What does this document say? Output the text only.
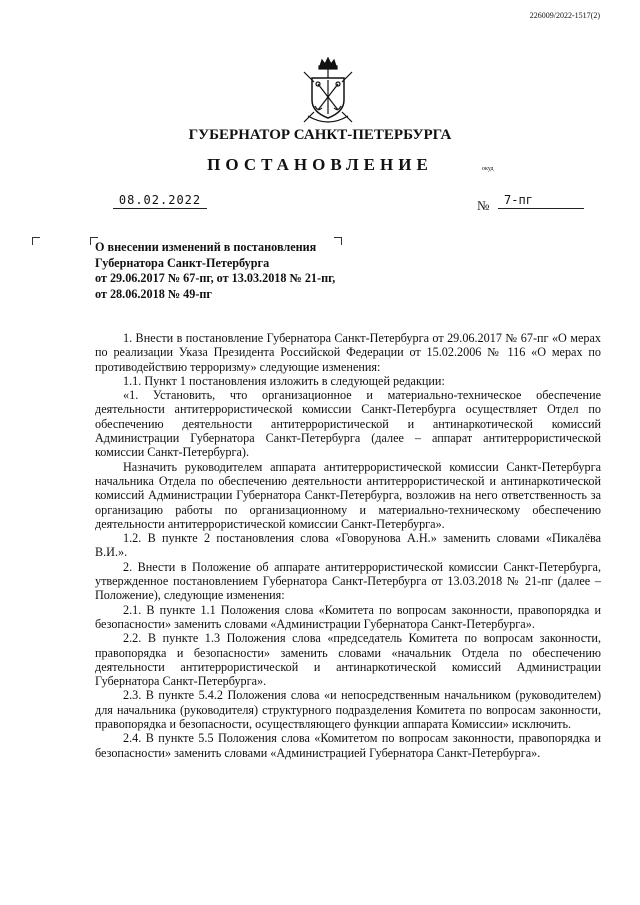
226009/2022-1517(2)
ГУБЕРНАТОР САНКТ-ПЕТЕРБУРГА
ПОСТАНОВЛЕНИЕ	окуд
08.02.2022	№	7-пг
О внесении изменений в постановления
Губернатора Санкт-Петербурга
от 29.06.2017 № 67-пг, от 13.03.2018 № 21-пг,
от 28.06.2018 № 49-пг

1. Внести в постановление Губернатора Санкт-Петербурга от 29.06.2017 № 67-пг «О мерах по реализации Указа Президента Российской Федерации от 15.02.2006 № 116 «О мерах по противодействию терроризму» следующие изменения:

1.1. Пункт 1 постановления изложить в следующей редакции:

«1. Установить, что организационное и материально-техническое обеспечение деятельности антитеррористической комиссии Санкт-Петербурга осуществляет Отдел по обеспечению деятельности антитеррористической и антинаркотической комиссий Администрации Губернатора Санкт-Петербурга (далее – аппарат антитеррористической комиссии Санкт-Петербурга).

Назначить руководителем аппарата антитеррористической комиссии Санкт-Петербурга начальника Отдела по обеспечению деятельности антитеррористической и антинаркотической комиссий Администрации Губернатора Санкт-Петербурга, возложив на него ответственность за организацию работы по организационному и материально-техническому обеспечению деятельности антитеррористической комиссии Санкт-Петербурга».

1.2. В пункте 2 постановления слова «Говорунова А.Н.» заменить словами «Пикалёва В.И.».

2. Внести в Положение об аппарате антитеррористической комиссии Санкт-Петербурга, утвержденное постановлением Губернатора Санкт-Петербурга от 13.03.2018 № 21-пг (далее – Положение), следующие изменения:

2.1. В пункте 1.1 Положения слова «Комитета по вопросам законности, правопорядка и безопасности» заменить словами «Администрации Губернатора Санкт-Петербурга».

2.2. В пункте 1.3 Положения слова «председатель Комитета по вопросам законности, правопорядка и безопасности» заменить словами «начальник Отдела по обеспечению деятельности антитеррористической и антинаркотической комиссий Администрации Губернатора Санкт-Петербурга».

2.3. В пункте 5.4.2 Положения слова «и непосредственным начальником (руководителем) для начальника (руководителя) структурного подразделения Комитета по вопросам законности, правопорядка и безопасности, осуществляющего функции аппарата Комиссии» исключить.

2.4. В пункте 5.5 Положения слова «Комитетом по вопросам законности, правопорядка и безопасности» заменить словами «Администрацией Губернатора Санкт-Петербурга».
